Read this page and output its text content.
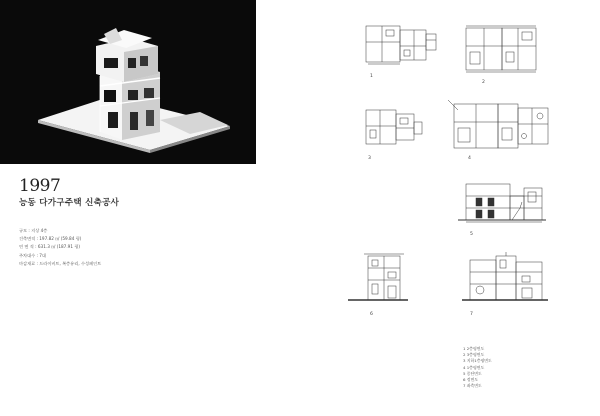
1997
능동 다가구주택 신축공사
규모 : 지상 4층
건축면적 : 197.82 ㎡ (59.84 평)
연 면 적 : 631.3 ㎡ (187.91 평)
주차대수 : 7대
마감재료 : 드라이비트, 복층유리, 수성페인트
1
2
3	4
5
6	7
1 2층평면도
2 3층평면도
3 지하1층평면도
4 1층평면도
5 종단면도
6 정면도
7 좌측면도
